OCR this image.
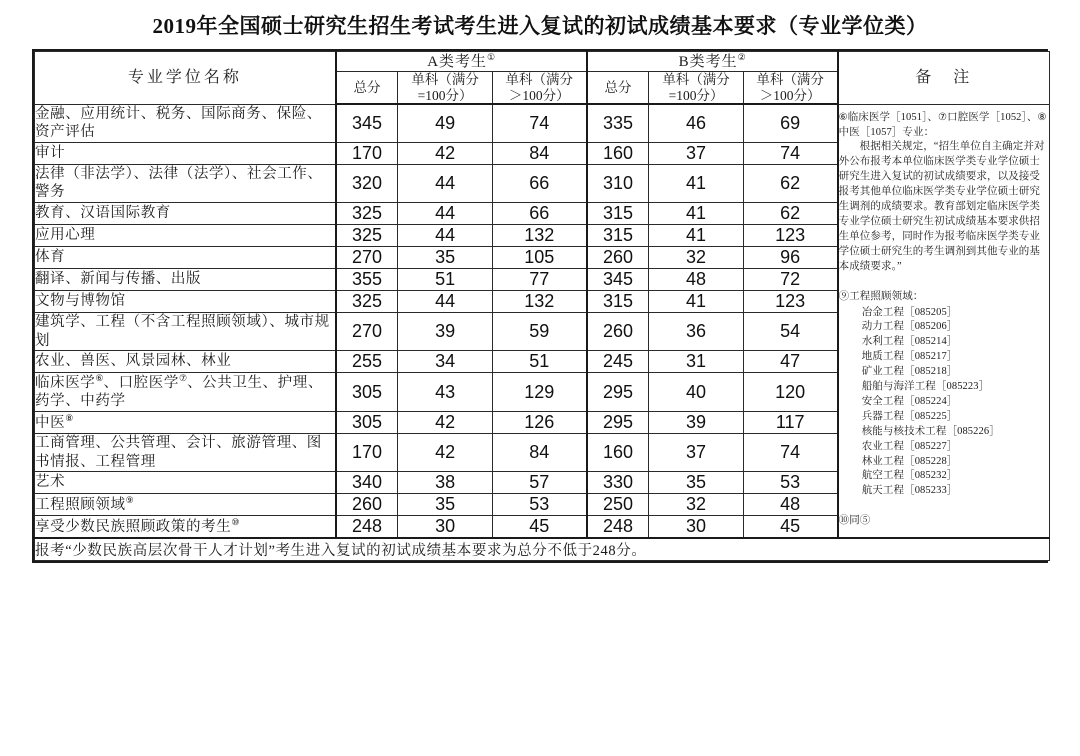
2019年全国硕士研究生招生考试考生进入复试的初试成绩基本要求（专业学位类）
专业学位名称	A类考生①			B类考生②			备　注
	总分	单科（满分
=100分）	单科（满分
＞100分）	总分	单科（满分
=100分）	单科（满分
＞100分）	
金融、应用统计、税务、国际商务、保险、资产评估	345	49	74	335	46	69	⑥临床医学［1051］、⑦口腔医学［1052］、⑧中医［1057］专业：
根据相关规定，“招生单位自主确定并对外公布报考本单位临床医学类专业学位硕士研究生进入复试的初试成绩要求，以及接受报考其他单位临床医学类专业学位硕士研究生调剂的成绩要求。教育部划定临床医学类专业学位硕士研究生初试成绩基本要求供招生单位参考，同时作为报考临床医学类专业学位硕士研究生的考生调剂到其他专业的基本成绩要求。”
⑨工程照顾领域：
冶金工程［085205］
动力工程［085206］
水利工程［085214］
地质工程［085217］
矿业工程［085218］
船舶与海洋工程［085223］
安全工程［085224］
兵器工程［085225］
核能与核技术工程［085226］
农业工程［085227］
林业工程［085228］
航空工程［085232］
航天工程［085233］
⑩同⑤

审计	170	42	84	160	37	74	
法律（非法学）、法律（法学）、社会工作、警务	320	44	66	310	41	62	
教育、汉语国际教育	325	44	66	315	41	62	
应用心理	325	44	132	315	41	123	
体育	270	35	105	260	32	96	
翻译、新闻与传播、出版	355	51	77	345	48	72	
文物与博物馆	325	44	132	315	41	123	
建筑学、工程（不含工程照顾领域）、城市规划	270	39	59	260	36	54	
农业、兽医、风景园林、林业	255	34	51	245	31	47	
临床医学⑥、口腔医学⑦、公共卫生、护理、药学、中药学	305	43	129	295	40	120	
中医⑧	305	42	126	295	39	117	
工商管理、公共管理、会计、旅游管理、图书情报、工程管理	170	42	84	160	37	74	
艺术	340	38	57	330	35	53	
工程照顾领域⑨	260	35	53	250	32	48	
享受少数民族照顾政策的考生⑩	248	30	45	248	30	45	
报考“少数民族高层次骨干人才计划”考生进入复试的初试成绩基本要求为总分不低于248分。							
